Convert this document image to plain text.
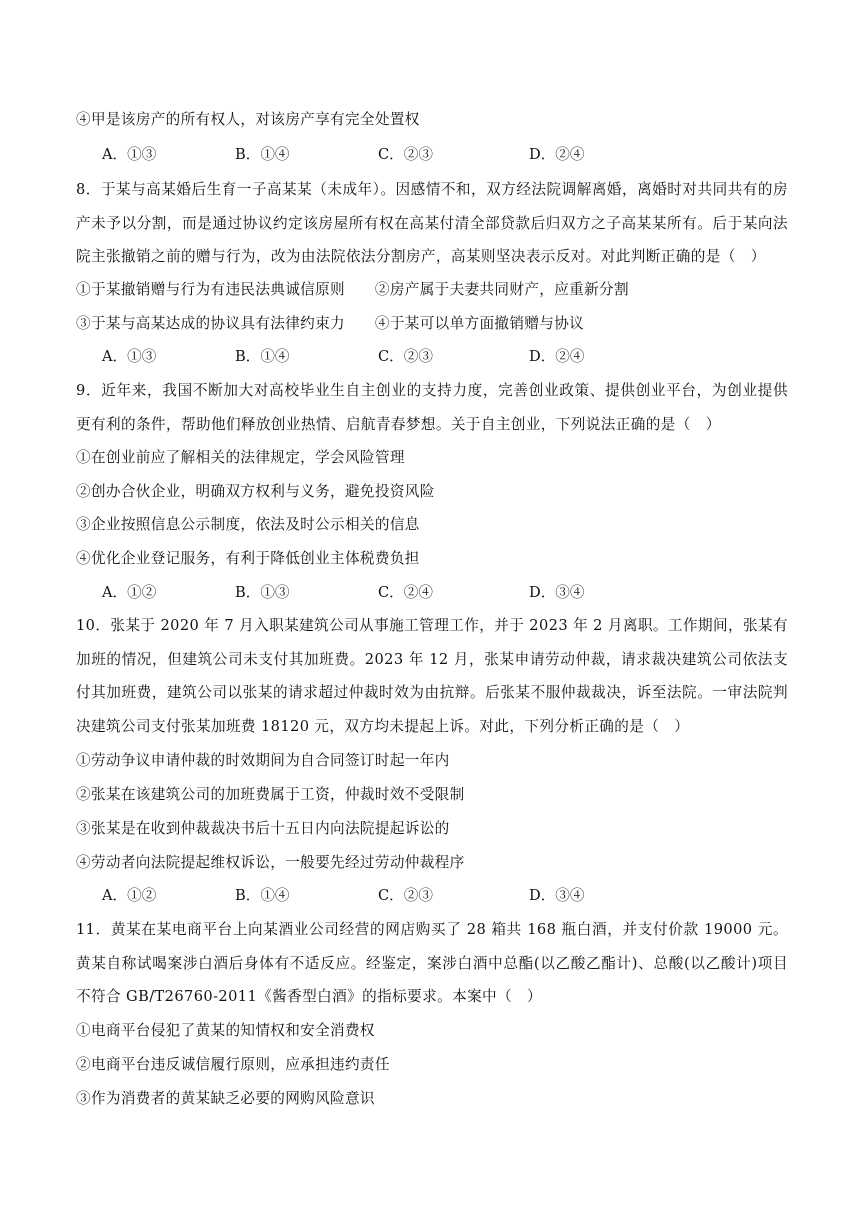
④甲是该房产的所有权人，对该房产享有完全处置权
A．①③	B．①④	C．②③	D．②④
8．于某与高某婚后生育一子高某某（未成年）。因感情不和，双方经法院调解离婚，离婚时对共同共有的房产未予以分割，而是通过协议约定该房屋所有权在高某付清全部贷款后归双方之子高某某所有。后于某向法院主张撤销之前的赠与行为，改为由法院依法分割房产，高某则坚决表示反对。对此判断正确的是（　）
①于某撤销赠与行为有违民法典诚信原则　　②房产属于夫妻共同财产，应重新分割
③于某与高某达成的协议具有法律约束力　　④于某可以单方面撤销赠与协议
A．①③	B．①④	C．②③	D．②④
9．近年来，我国不断加大对高校毕业生自主创业的支持力度，完善创业政策、提供创业平台，为创业提供更有利的条件，帮助他们释放创业热情、启航青春梦想。关于自主创业，下列说法正确的是（　）
①在创业前应了解相关的法律规定，学会风险管理
②创办合伙企业，明确双方权利与义务，避免投资风险
③企业按照信息公示制度，依法及时公示相关的信息
④优化企业登记服务，有利于降低创业主体税费负担
A．①②	B．①③	C．②④	D．③④
10．张某于 2020 年 7 月入职某建筑公司从事施工管理工作，并于 2023 年 2 月离职。工作期间，张某有加班的情况，但建筑公司未支付其加班费。2023 年 12 月，张某申请劳动仲裁，请求裁决建筑公司依法支付其加班费，建筑公司以张某的请求超过仲裁时效为由抗辩。后张某不服仲裁裁决，诉至法院。一审法院判决建筑公司支付张某加班费 18120 元，双方均未提起上诉。对此，下列分析正确的是（　）
①劳动争议申请仲裁的时效期间为自合同签订时起一年内
②张某在该建筑公司的加班费属于工资，仲裁时效不受限制
③张某是在收到仲裁裁决书后十五日内向法院提起诉讼的
④劳动者向法院提起维权诉讼，一般要先经过劳动仲裁程序
A．①②	B．①④	C．②③	D．③④
11．黄某在某电商平台上向某酒业公司经营的网店购买了 28 箱共 168 瓶白酒，并支付价款 19000 元。黄某自称试喝案涉白酒后身体有不适反应。经鉴定，案涉白酒中总酯(以乙酸乙酯计)、总酸(以乙酸计)项目不符合 GB/T26760-2011《酱香型白酒》的指标要求。本案中（　）
①电商平台侵犯了黄某的知情权和安全消费权
②电商平台违反诚信履行原则，应承担违约责任
③作为消费者的黄某缺乏必要的网购风险意识
